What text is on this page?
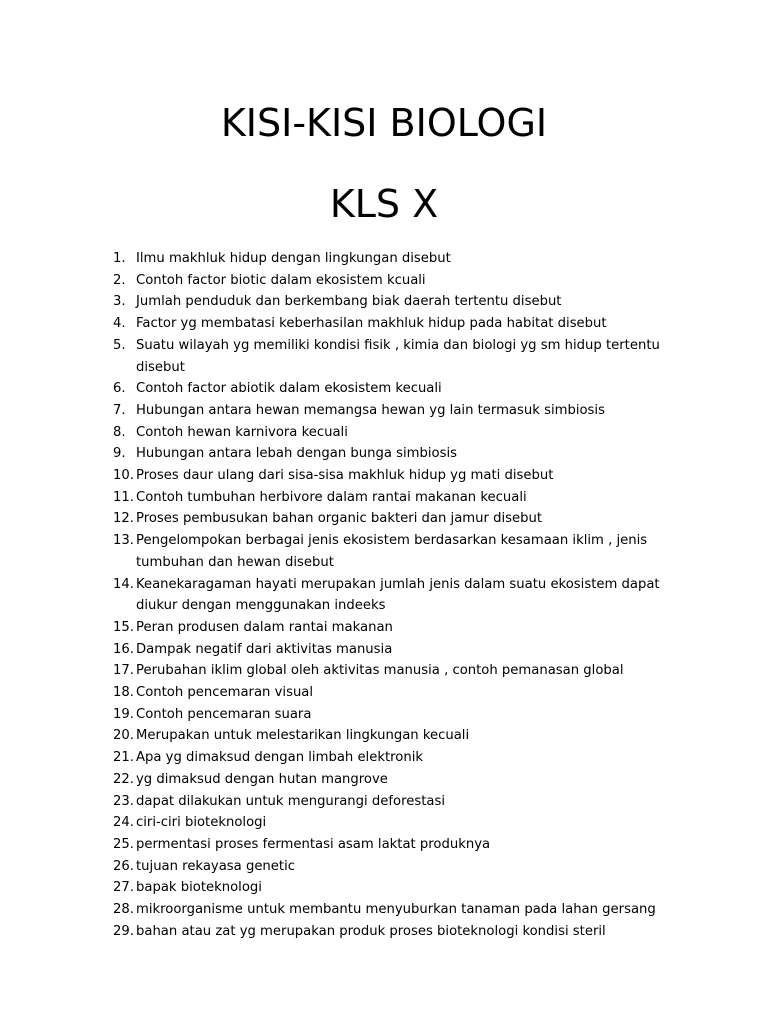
KISI-KISI BIOLOGI
KLS X
1. Ilmu makhluk hidup dengan lingkungan disebut
2. Contoh factor biotic dalam ekosistem kcuali
3. Jumlah penduduk dan berkembang biak daerah tertentu disebut
4. Factor yg membatasi keberhasilan makhluk hidup pada habitat disebut
5. Suatu wilayah yg memiliki kondisi fisik , kimia dan biologi yg sm hidup tertentu disebut
6. Contoh factor abiotik dalam ekosistem kecuali
7. Hubungan antara hewan memangsa hewan yg lain termasuk simbiosis
8. Contoh hewan karnivora kecuali
9. Hubungan antara lebah dengan bunga simbiosis
10. Proses daur ulang dari sisa-sisa makhluk hidup yg mati disebut
11. Contoh tumbuhan herbivore dalam rantai makanan kecuali
12. Proses pembusukan bahan organic bakteri dan jamur disebut
13. Pengelompokan berbagai jenis ekosistem berdasarkan kesamaan iklim , jenis tumbuhan dan hewan disebut
14. Keanekaragaman hayati merupakan jumlah jenis dalam suatu ekosistem dapat diukur dengan menggunakan indeeks
15. Peran produsen dalam rantai makanan
16. Dampak negatif dari aktivitas manusia
17. Perubahan iklim global oleh aktivitas manusia , contoh pemanasan global
18. Contoh pencemaran visual
19. Contoh pencemaran suara
20. Merupakan untuk melestarikan lingkungan kecuali
21. Apa yg dimaksud dengan limbah elektronik
22. yg dimaksud dengan hutan mangrove
23. dapat dilakukan untuk mengurangi deforestasi
24. ciri-ciri bioteknologi
25. permentasi proses fermentasi asam laktat produknya
26. tujuan rekayasa genetic
27. bapak bioteknologi
28. mikroorganisme untuk membantu menyuburkan tanaman pada lahan gersang
29. bahan atau zat yg merupakan produk proses bioteknologi kondisi steril
